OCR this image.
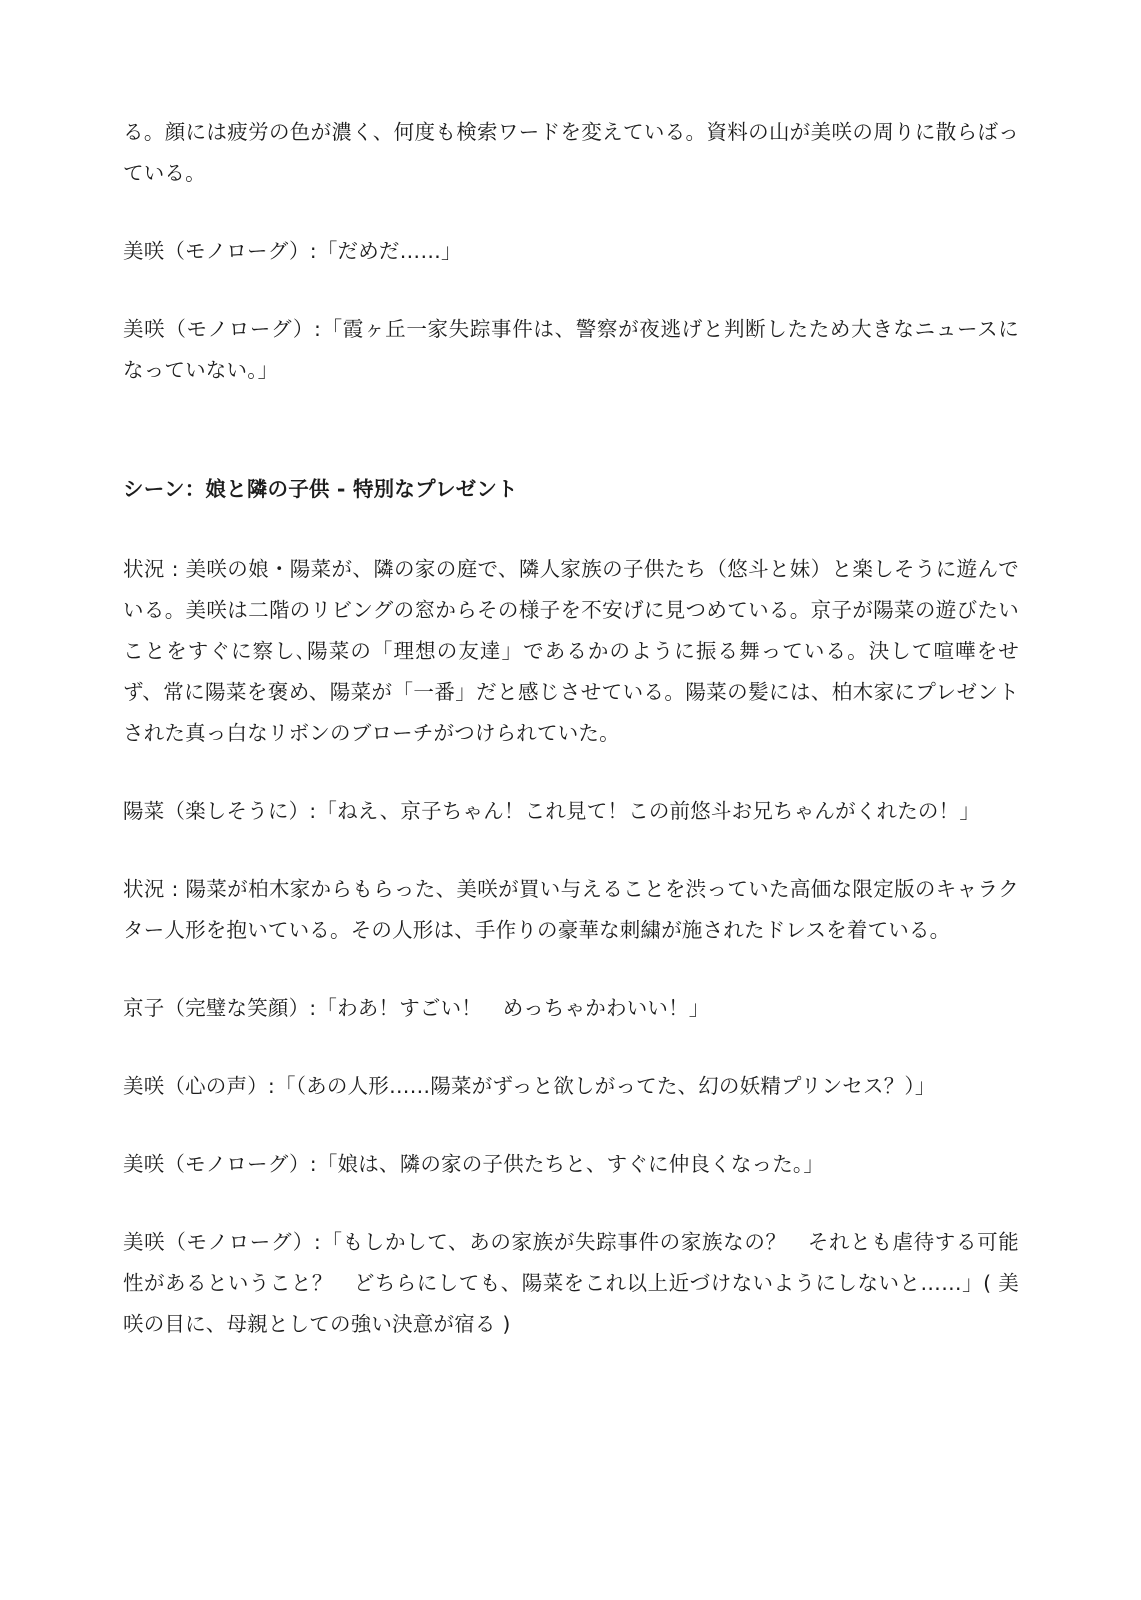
る。顔には疲労の色が濃く、何度も検索ワードを変えている。資料の山が美咲の周りに散らばっている。

美咲（モノローグ）:「だめだ……」

美咲（モノローグ）:「霞ヶ丘一家失踪事件は、警察が夜逃げと判断したため大きなニュースになっていない。」

シーン：娘と隣の子供 - 特別なプレゼント

状況 : 美咲の娘・陽菜が、隣の家の庭で、隣人家族の子供たち（悠斗と妹）と楽しそうに遊んでいる。美咲は二階のリビングの窓からその様子を不安げに見つめている。京子が陽菜の遊びたいことをすぐに察し､陽菜の「理想の友達」であるかのように振る舞っている。決して喧嘩をせず、常に陽菜を褒め、陽菜が「一番」だと感じさせている。陽菜の髪には、柏木家にプレゼントされた真っ白なリボンのブローチがつけられていた。

陽菜（楽しそうに）:「ねえ、京子ちゃん！これ見て！この前悠斗お兄ちゃんがくれたの！」

状況 : 陽菜が柏木家からもらった、美咲が買い与えることを渋っていた高価な限定版のキャラクター人形を抱いている。その人形は、手作りの豪華な刺繍が施されたドレスを着ている。

京子（完璧な笑顔）:「わあ！すごい！　めっちゃかわいい！」

美咲（心の声）:「（あの人形……陽菜がずっと欲しがってた、幻の妖精プリンセス？）」

美咲（モノローグ）:「娘は、隣の家の子供たちと、すぐに仲良くなった。」

美咲（モノローグ）:「もしかして、あの家族が失踪事件の家族なの？　それとも虐待する可能性があるということ？　どちらにしても、陽菜をこれ以上近づけないようにしないと……」( 美咲の目に、母親としての強い決意が宿る )
